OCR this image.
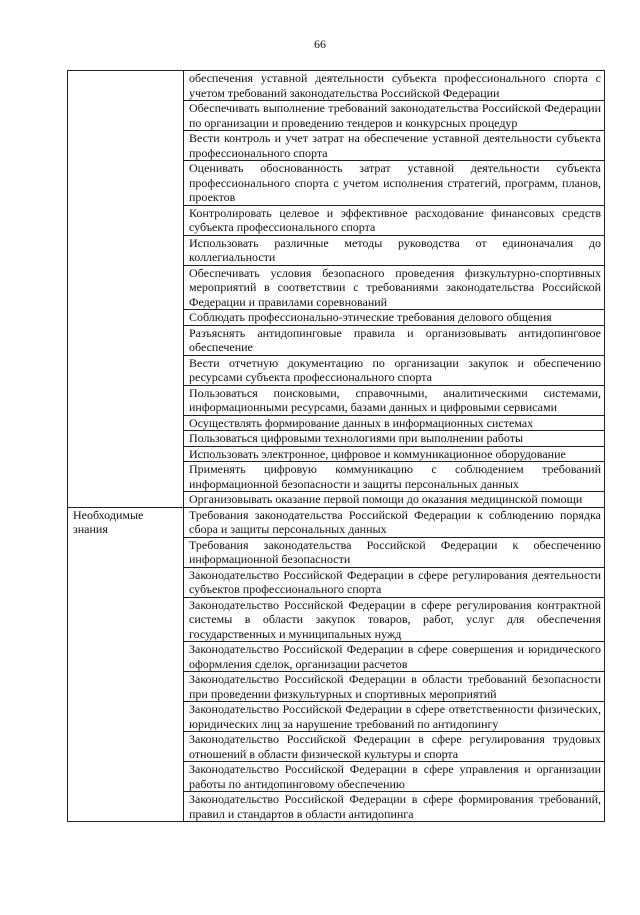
66
	обеспечения уставной деятельности субъекта профессионального спорта с учетом требований законодательства Российской Федерации
	Обеспечивать выполнение требований законодательства Российской Федерации по организации и проведению тендеров и конкурсных процедур
	Вести контроль и учет затрат на обеспечение уставной деятельности субъекта профессионального спорта
	Оценивать обоснованность затрат уставной деятельности субъекта профессионального спорта с учетом исполнения стратегий, программ, планов, проектов
	Контролировать целевое и эффективное расходование финансовых средств субъекта профессионального спорта
	Использовать различные методы руководства от единоначалия до коллегиальности
	Обеспечивать условия безопасного проведения физкультурно-спортивных мероприятий в соответствии с требованиями законодательства Российской Федерации и правилами соревнований
	Соблюдать профессионально-этические требования делового общения
	Разъяснять антидопинговые правила и организовывать антидопинговое обеспечение
	Вести отчетную документацию по организации закупок и обеспечению ресурсами субъекта профессионального спорта
	Пользоваться поисковыми, справочными, аналитическими системами, информационными ресурсами, базами данных и цифровыми сервисами
	Осуществлять формирование данных в информационных системах
	Пользоваться цифровыми технологиями при выполнении работы
	Использовать электронное, цифровое и коммуникационное оборудование
	Применять цифровую коммуникацию с соблюдением требований информационной безопасности и защиты персональных данных
	Организовывать оказание первой помощи до оказания медицинской помощи
Необходимые знания	Требования законодательства Российской Федерации к соблюдению порядка сбора и защиты персональных данных
	Требования законодательства Российской Федерации к обеспечению информационной безопасности
	Законодательство Российской Федерации в сфере регулирования деятельности субъектов профессионального спорта
	Законодательство Российской Федерации в сфере регулирования контрактной системы в области закупок товаров, работ, услуг для обеспечения государственных и муниципальных нужд
	Законодательство Российской Федерации в сфере совершения и юридического оформления сделок, организации расчетов
	Законодательство Российской Федерации в области требований безопасности при проведении физкультурных и спортивных мероприятий
	Законодательство Российской Федерации в сфере ответственности физических, юридических лиц за нарушение требований по антидопингу
	Законодательство Российской Федерации в сфере регулирования трудовых отношений в области физической культуры и спорта
	Законодательство Российской Федерации в сфере управления и организации работы по антидопинговому обеспечению
	Законодательство Российской Федерации в сфере формирования требований, правил и стандартов в области антидопинга
